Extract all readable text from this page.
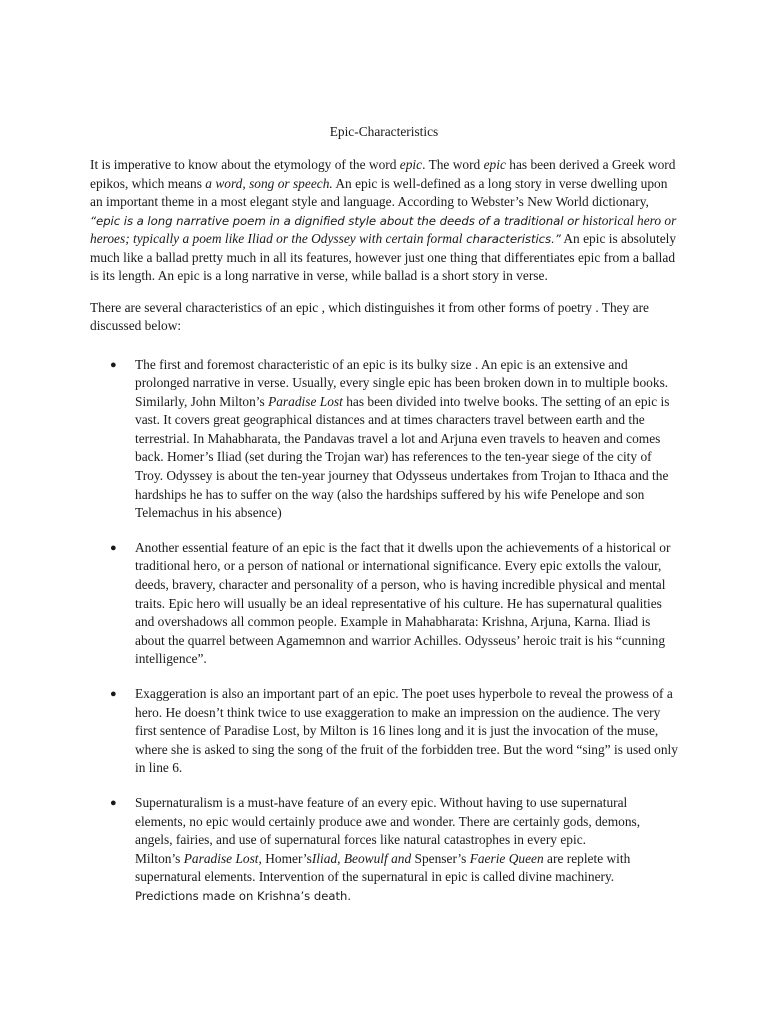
Epic-Characteristics

It is imperative to know about the etymology of the word epic. The word epic has been derived a Greek word epikos, which means a word, song or speech. An epic is well-defined as a long story in verse dwelling upon an important theme in a most elegant style and language. According to Webster’s New World dictionary, “epic is a long narrative poem in a dignified style about the deeds of a traditional or historical hero or heroes; typically a poem like Iliad or the Odyssey with certain formal characteristics.” An epic is absolutely much like a ballad pretty much in all its features, however just one thing that differentiates epic from a ballad is its length. An epic is a long narrative in verse, while ballad is a short story in verse.

There are several characteristics of an epic , which distinguishes it from other forms of poetry . They are discussed below:

● The first and foremost characteristic of an epic is its bulky size . An epic is an extensive and prolonged narrative in verse. Usually, every single epic has been broken down in to multiple books. Similarly, John Milton’s Paradise Lost has been divided into twelve books. The setting of an epic is vast. It covers great geographical distances and at times characters travel between earth and the terrestrial. In Mahabharata, the Pandavas travel a lot and Arjuna even travels to heaven and comes back. Homer’s Iliad (set during the Trojan war) has references to the ten-year siege of the city of Troy. Odyssey is about the ten-year journey that Odysseus undertakes from Trojan to Ithaca and the hardships he has to suffer on the way (also the hardships suffered by his wife Penelope and son Telemachus in his absence)
● Another essential feature of an epic is the fact that it dwells upon the achievements of a historical or traditional hero, or a person of national or international significance. Every epic extolls the valour, deeds, bravery, character and personality of a person, who is having incredible physical and mental traits. Epic hero will usually be an ideal representative of his culture. He has supernatural qualities and overshadows all common people. Example in Mahabharata: Krishna, Arjuna, Karna. Iliad is about the quarrel between Agamemnon and warrior Achilles. Odysseus’ heroic trait is his “cunning intelligence”.
● Exaggeration is also an important part of an epic. The poet uses hyperbole to reveal the prowess of a hero. He doesn’t think twice to use exaggeration to make an impression on the audience. The very first sentence of Paradise Lost, by Milton is 16 lines long and it is just the invocation of the muse, where she is asked to sing the song of the fruit of the forbidden tree. But the word “sing” is used only in line 6.
● Supernaturalism is a must-have feature of an every epic. Without having to use supernatural elements, no epic would certainly produce awe and wonder. There are certainly gods, demons, angels, fairies, and use of supernatural forces like natural catastrophes in every epic.
Milton’s Paradise Lost, Homer’sIliad, Beowulf and Spenser’s Faerie Queen are replete with supernatural elements. Intervention of the supernatural in epic is called divine machinery.
Predictions made on Krishna’s death.
